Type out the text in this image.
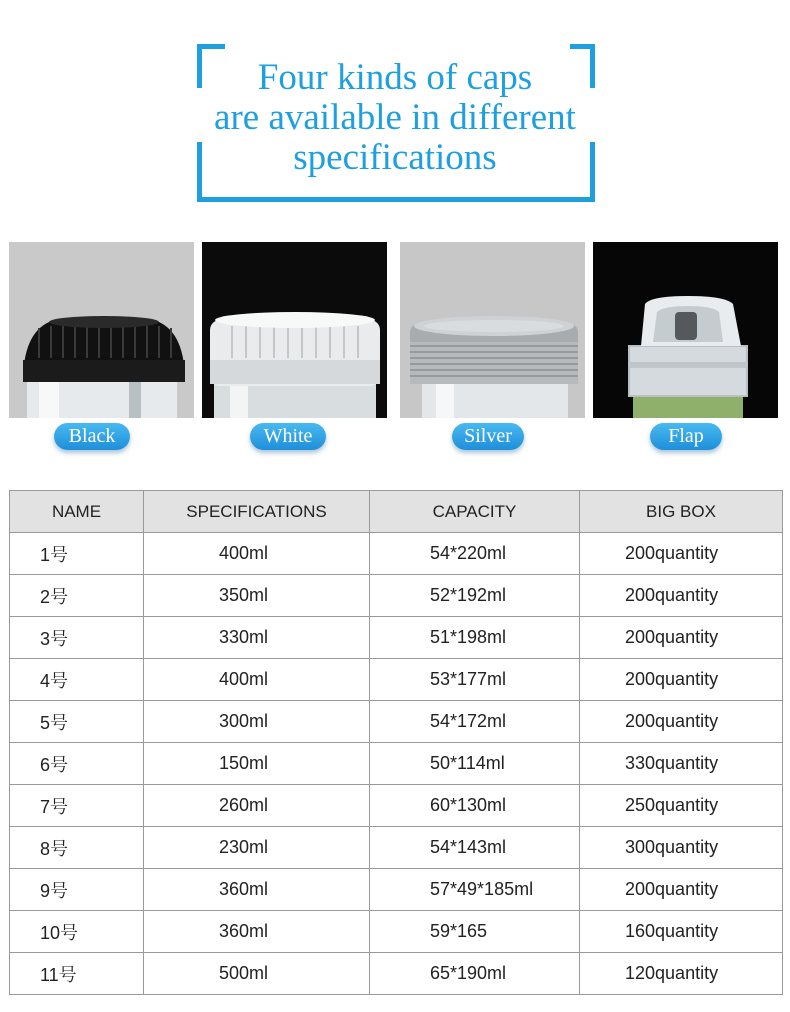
Four kinds of caps
are available in different
specifications
Black	White	Silver	Flap
NAME	SPECIFICATIONS	CAPACITY	BIG BOX
1号	400ml	54*220ml	200quantity
2号	350ml	52*192ml	200quantity
3号	330ml	51*198ml	200quantity
4号	400ml	53*177ml	200quantity
5号	300ml	54*172ml	200quantity
6号	150ml	50*114ml	330quantity
7号	260ml	60*130ml	250quantity
8号	230ml	54*143ml	300quantity
9号	360ml	57*49*185ml	200quantity
10号	360ml	59*165	160quantity
11号	500ml	65*190ml	120quantity
